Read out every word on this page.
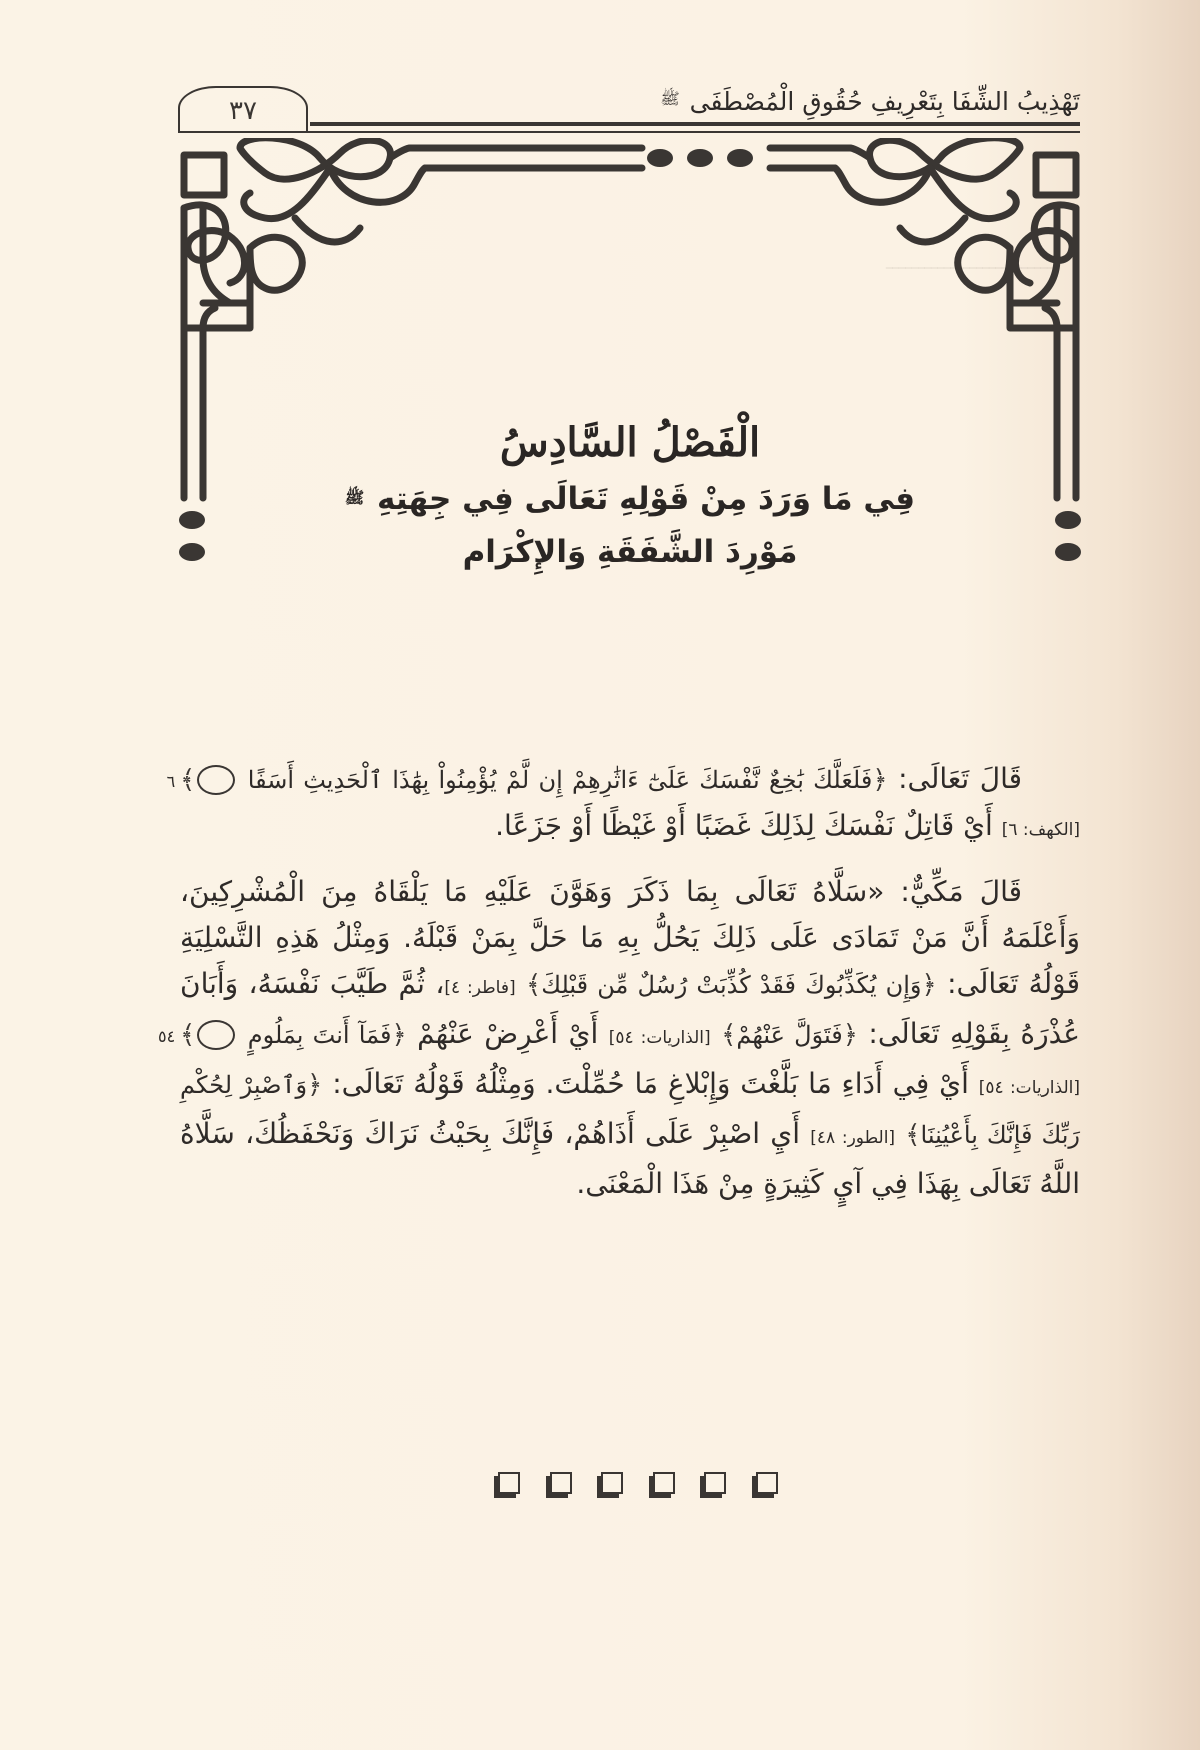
ـــــــــــــــــــــــــــ
٣٧	تَهْذِيبُ الشِّفَا بِتَعْرِيفِ حُقُوقِ الْمُصْطَفَى $^ﷺ$
الْفَصْلُ السَّادِسُ
فِي مَا وَرَدَ مِنْ قَوْلِهِ تَعَالَى فِي جِهَتِهِ ﷺ
مَوْرِدَ الشَّفَقَةِ وَالإِكْرَام

قَالَ تَعَالَى: ﴿فَلَعَلَّكَ بَٰخِعٌ نَّفْسَكَ عَلَىٰٓ ءَاثَٰرِهِمْ إِن لَّمْ يُؤْمِنُواْ بِهَٰذَا ٱلْحَدِيثِ أَسَفًا ٦ ﴾ [الكهف: ٦] أَيْ قَاتِلٌ نَفْسَكَ لِذَلِكَ غَضَبًا أَوْ غَيْظًا أَوْ جَزَعًا.

قَالَ مَكِّيٌّ: «سَلَّاهُ تَعَالَى بِمَا ذَكَرَ وَهَوَّنَ عَلَيْهِ مَا يَلْقَاهُ مِنَ الْمُشْرِكِينَ، وَأَعْلَمَهُ أَنَّ مَنْ تَمَادَى عَلَى ذَلِكَ يَحُلُّ بِهِ مَا حَلَّ بِمَنْ قَبْلَهُ. وَمِثْلُ هَذِهِ التَّسْلِيَةِ قَوْلُهُ تَعَالَى: ﴿وَإِن يُكَذِّبُوكَ فَقَدْ كُذِّبَتْ رُسُلٌ مِّن قَبْلِكَ﴾ [فاطر: ٤]، ثُمَّ طَيَّبَ نَفْسَهُ، وَأَبَانَ عُذْرَهُ بِقَوْلِهِ تَعَالَى: ﴿فَتَوَلَّ عَنْهُمْ﴾ [الذاريات: ٥٤] أَيْ أَعْرِضْ عَنْهُمْ ﴿فَمَآ أَنتَ بِمَلُومٍ ٥٤ ﴾ [الذاريات: ٥٤] أَيْ فِي أَدَاءِ مَا بَلَّغْتَ وَإِبْلاغِ مَا حُمِّلْتَ. وَمِثْلُهُ قَوْلُهُ تَعَالَى: ﴿وَٱصْبِرْ لِحُكْمِ رَبِّكَ فَإِنَّكَ بِأَعْيُنِنَا﴾ [الطور: ٤٨] أَيِ اصْبِرْ عَلَى أَذَاهُمْ، فَإِنَّكَ بِحَيْثُ نَرَاكَ وَنَحْفَظُكَ، سَلَّاهُ اللَّهُ تَعَالَى بِهَذَا فِي آيٍ كَثِيرَةٍ مِنْ هَذَا الْمَعْنَى.
